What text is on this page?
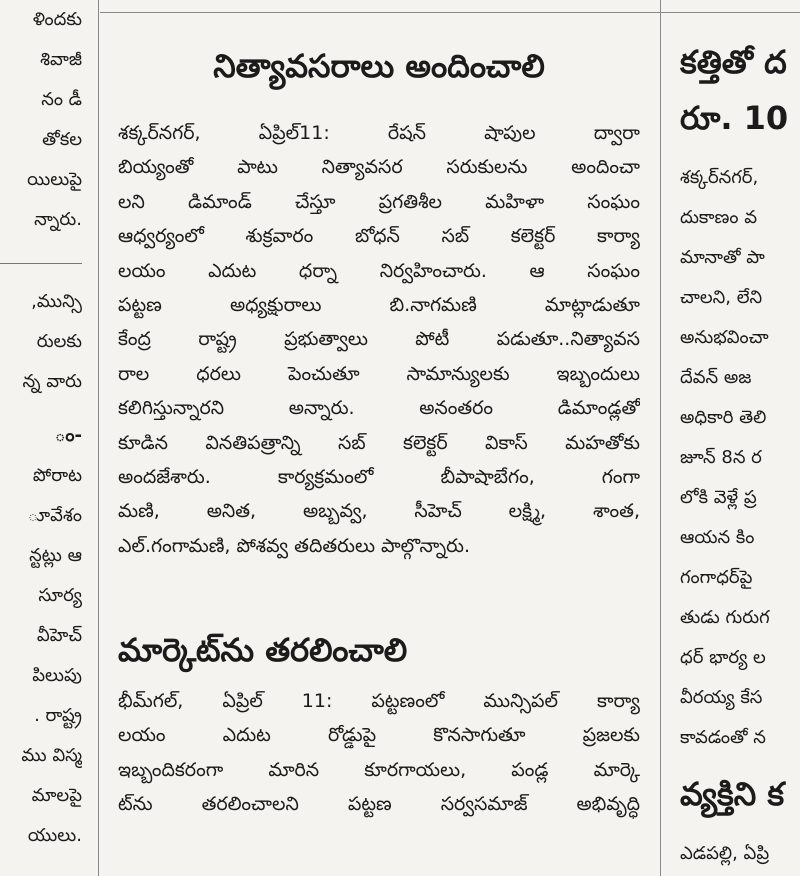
ళిందకు
శివాజీ
నం డీ
తోకల
యిలుపై
న్నారు.
,మున్సి
రులకు
న్న వారు
ం-
పోరాట
ూవేశం
న్టట్లు ఆ
సూర్య
వీహెచ్
పిలుపు
. రాష్ట్ర
ము విస్మ
మాలపై
యులు.
నిత్యావసరాలు అందించాలి
శక్కర్‌నగర్‌, ఏప్రిల్‌11: రేషన్‌ షాపుల ద్వారా
బియ్యంతో పాటు నిత్యావసర సరుకులను అందించా
లని డిమాండ్‌ చేస్తూ ప్రగతిశీల మహిళా సంఘం
ఆధ్వర్యంలో శుక్రవారం బోధన్‌ సబ్‌ కలెక్టర్‌ కార్యా
లయం ఎదుట ధర్నా నిర్వహించారు. ఆ సంఘం
పట్టణ అధ్యక్షురాలు బి.నాగమణి మాట్లాడుతూ
కేంద్ర రాష్ట్ర ప్రభుత్వాలు పోటీ పడుతూ..నిత్యావస
రాల ధరలు పెంచుతూ సామాన్యులకు ఇబ్బందులు
కలిగిస్తున్నారని అన్నారు. అనంతరం డిమాండ్లతో
కూడిన వినతిపత్రాన్ని సబ్‌ కలెక్టర్‌ వికాస్‌ మహతోకు
అందజేశారు. కార్యక్రమంలో బీపాషాబేగం, గంగా
మణి, అనిత, అబ్బవ్వ, సీహెచ్‌ లక్ష్మి, శాంత,
ఎల్‌.గంగామణి, పోశవ్వ తదితరులు పాల్గొన్నారు.
మార్కెట్‌ను తరలించాలి
భీమ్‌గల్‌, ఏప్రిల్‌ 11: పట్టణంలో మున్సిపల్‌ కార్యా
లయం ఎదుట రోడ్డుపై కొనసాగుతూ ప్రజలకు
ఇబ్బందికరంగా మారిన కూరగాయలు, పండ్ల మార్కె
ట్‌ను తరలించాలని పట్టణ సర్వసమాజ్‌ అభివృద్ధి
కత్తితో ద
రూ. 10
శక్కర్‌నగర్‌,
దుకాణం వ
మానాతో పా
చాలని, లేని
అనుభవించా
దేవన్‌ అజ
అధికారి తెలి
జూన్‌ 8న ర
లోకి వెళ్లే ప్ర
ఆయన కిం
గంగాధర్‌పై
తుడు గురుగ
ధర్‌ భార్య ల
వీరయ్య కేస
కావడంతో న
వ్యక్తిని క
ఎడపల్లి, ఏప్రి
